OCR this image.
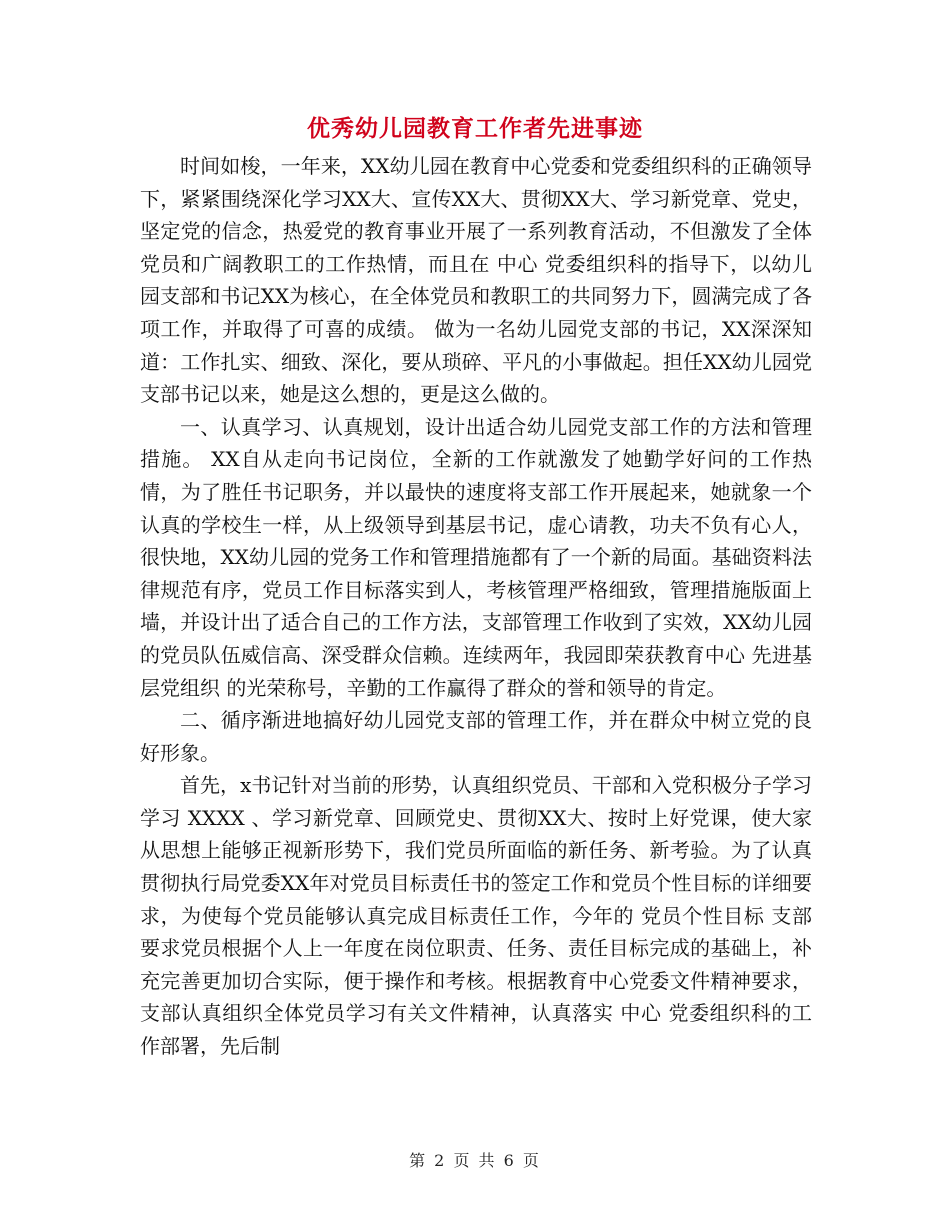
优秀幼儿园教育工作者先进事迹

时间如梭，一年来，XX幼儿园在教育中心党委和党委组织科的正确领导下，紧紧围绕深化学习XX大、宣传XX大、贯彻XX大、学习新党章、党史，坚定党的信念，热爱党的教育事业开展了一系列教育活动，不但激发了全体党员和广阔教职工的工作热情，而且在 中心 党委组织科的指导下，以幼儿园支部和书记XX为核心，在全体党员和教职工的共同努力下，圆满完成了各项工作，并取得了可喜的成绩。 做为一名幼儿园党支部的书记，XX深深知道：工作扎实、细致、深化，要从琐碎、平凡的小事做起。担任XX幼儿园党支部书记以来，她是这么想的，更是这么做的。

一、认真学习、认真规划，设计出适合幼儿园党支部工作的方法和管理措施。 XX自从走向书记岗位，全新的工作就激发了她勤学好问的工作热情，为了胜任书记职务，并以最快的速度将支部工作开展起来，她就象一个认真的学校生一样，从上级领导到基层书记，虚心请教，功夫不负有心人，很快地，XX幼儿园的党务工作和管理措施都有了一个新的局面。基础资料法律规范有序，党员工作目标落实到人，考核管理严格细致，管理措施版面上墙，并设计出了适合自己的工作方法，支部管理工作收到了实效，XX幼儿园的党员队伍威信高、深受群众信赖。连续两年，我园即荣获教育中心 先进基层党组织 的光荣称号，辛勤的工作赢得了群众的誉和领导的肯定。

二、循序渐进地搞好幼儿园党支部的管理工作，并在群众中树立党的良好形象。

首先，x书记针对当前的形势，认真组织党员、干部和入党积极分子学习学习 XXXX 、学习新党章、回顾党史、贯彻XX大、按时上好党课，使大家从思想上能够正视新形势下，我们党员所面临的新任务、新考验。为了认真贯彻执行局党委XX年对党员目标责任书的签定工作和党员个性目标的详细要求，为使每个党员能够认真完成目标责任工作，今年的 党员个性目标 支部要求党员根据个人上一年度在岗位职责、任务、责任目标完成的基础上，补充完善更加切合实际，便于操作和考核。根据教育中心党委文件精神要求，支部认真组织全体党员学习有关文件精神，认真落实 中心 党委组织科的工作部署，先后制

第 2 页 共 6 页
